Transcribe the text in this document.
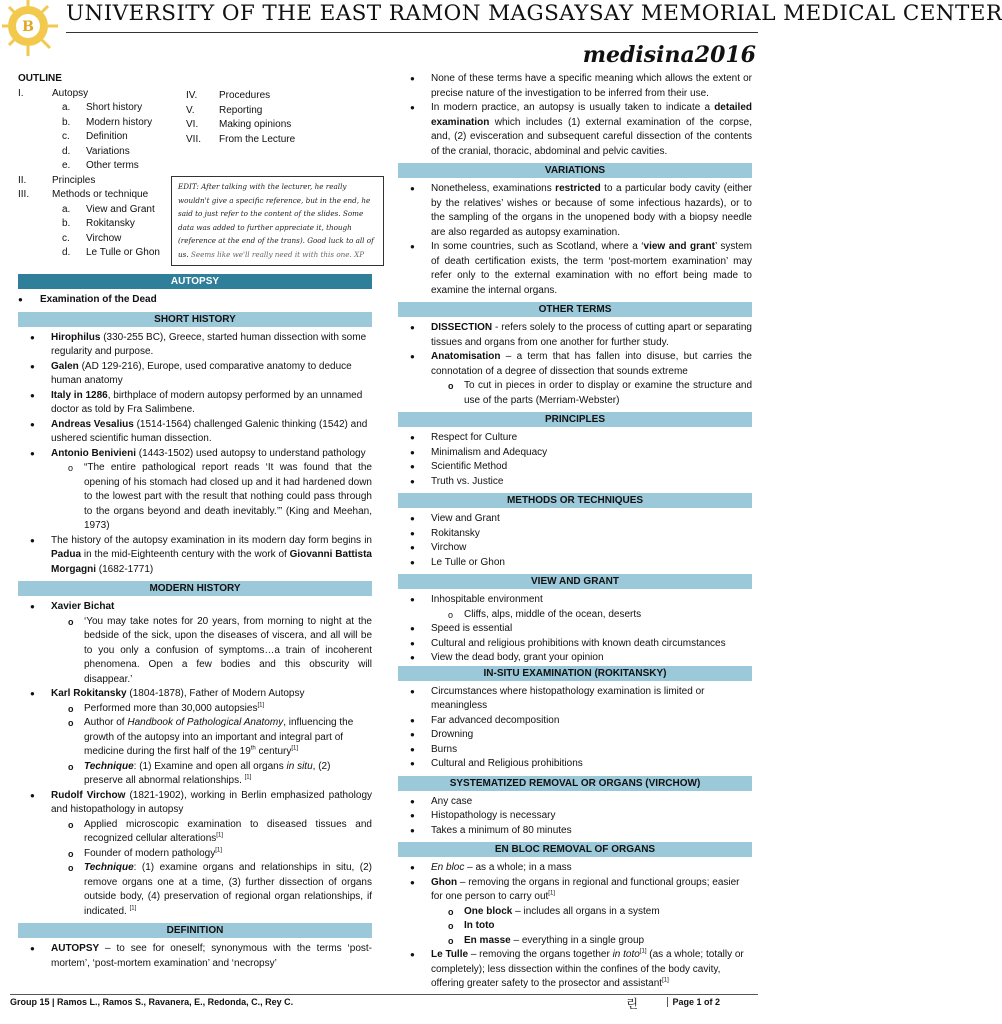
B
UNIVERSITY OF THE EAST RAMON MAGSAYSAY MEMORIAL MEDICAL CENTER
medisina2016
OUTLINE
I.	Autopsy
a.	Short history
b.	Modern history
c.	Definition
d.	Variations
e.	Other terms
II.	Principles
III.	Methods or technique
a.	View and Grant
b.	Rokitansky
c.	Virchow
d.	Le Tulle or Ghon
IV.	Procedures
V.	Reporting
VI.	Making opinions
VII.	From the Lecture
EDIT: After talking with the lecturer, he really wouldn't give a specific reference, but in the end, he said to just refer to the content of the slides. Some data was added to further appreciate it, though (reference at the end of the trans). Good luck to all of us. Seems like we'll really need it with this one. XP
AUTOPSY
● Examination of the Dead
SHORT HISTORY
● Hirophilus (330-255 BC), Greece, started human dissection with some regularity and purpose.
● Galen (AD 129-216), Europe, used comparative anatomy to deduce human anatomy
● Italy in 1286, birthplace of modern autopsy performed by an unnamed doctor as told by Fra Salimbene.
● Andreas Vesalius (1514-1564) challenged Galenic thinking (1542) and ushered scientific human dissection.
● Antonio Benivieni (1443-1502) used autopsy to understand pathology
o “The entire pathological report reads ‘It was found that the opening of his stomach had closed up and it had hardened down to the lowest part with the result that nothing could pass through to the organs beyond and death inevitably.’” (King and Meehan, 1973)
● The history of the autopsy examination in its modern day form begins in Padua in the mid-Eighteenth century with the work of Giovanni Battista Morgagni (1682-1771)
MODERN HISTORY
● Xavier Bichat
o ‘You may take notes for 20 years, from morning to night at the bedside of the sick, upon the diseases of viscera, and all will be to you only a confusion of symptoms…a train of incoherent phenomena. Open a few bodies and this obscurity will disappear.’
● Karl Rokitansky (1804-1878), Father of Modern Autopsy
o Performed more than 30,000 autopsies[1]
o Author of Handbook of Pathological Anatomy, influencing the growth of the autopsy into an important and integral part of medicine during the first half of the 19th century[1]
o Technique: (1) Examine and open all organs in situ, (2) preserve all abnormal relationships. [1]
● Rudolf Virchow (1821-1902), working in Berlin emphasized pathology and histopathology in autopsy
o Applied microscopic examination to diseased tissues and recognized cellular alterations[1]
o Founder of modern pathology[1]
o Technique: (1) examine organs and relationships in situ, (2) remove organs one at a time, (3) further dissection of organs outside body, (4) preservation of regional organ relationships, if indicated. [1]
DEFINITION
● AUTOPSY – to see for oneself; synonymous with the terms ‘post-mortem’, ‘post-mortem examination’ and ‘necropsy’
● None of these terms have a specific meaning which allows the extent or precise nature of the investigation to be inferred from their use.
● In modern practice, an autopsy is usually taken to indicate a detailed examination which includes (1) external examination of the corpse, and, (2) evisceration and subsequent careful dissection of the contents of the cranial, thoracic, abdominal and pelvic cavities.
VARIATIONS
● Nonetheless, examinations restricted to a particular body cavity (either by the relatives’ wishes or because of some infectious hazards), or to the sampling of the organs in the unopened body with a biopsy needle are also regarded as autopsy examination.
● In some countries, such as Scotland, where a ‘view and grant’ system of death certification exists, the term ‘post-mortem examination’ may refer only to the external examination with no effort being made to examine the internal organs.
OTHER TERMS
● DISSECTION - refers solely to the process of cutting apart or separating tissues and organs from one another for further study.
● Anatomisation – a term that has fallen into disuse, but carries the connotation of a degree of dissection that sounds extreme
o To cut in pieces in order to display or examine the structure and use of the parts (Merriam-Webster)
PRINCIPLES
● Respect for Culture
● Minimalism and Adequacy
● Scientific Method
● Truth vs. Justice
METHODS OR TECHNIQUES
● View and Grant
● Rokitansky
● Virchow
● Le Tulle or Ghon
VIEW AND GRANT
● Inhospitable environment
o Cliffs, alps, middle of the ocean, deserts
● Speed is essential
● Cultural and religious prohibitions with known death circumstances
● View the dead body, grant your opinion
IN-SITU EXAMINATION (ROKITANSKY)
● Circumstances where histopathology examination is limited or meaningless
● Far advanced decomposition
● Drowning
● Burns
● Cultural and Religious prohibitions
SYSTEMATIZED REMOVAL OR ORGANS (VIRCHOW)
● Any case
● Histopathology is necessary
● Takes a minimum of 80 minutes
EN BLOC REMOVAL OF ORGANS
● En bloc – as a whole; in a mass
● Ghon – removing the organs in regional and functional groups; easier for one person to carry out[1]
o One block – includes all organs in a system
o In toto
o En masse – everything in a single group
● Le Tulle – removing the organs together in toto[1] (as a whole; totally or completely); less dissection within the confines of the body cavity, offering greater safety to the prosector and assistant[1]
Group 15 | Ramos L., Ramos S., Ravanera, E., Redonda, C., Rey C.	린	Page 1 of 2
